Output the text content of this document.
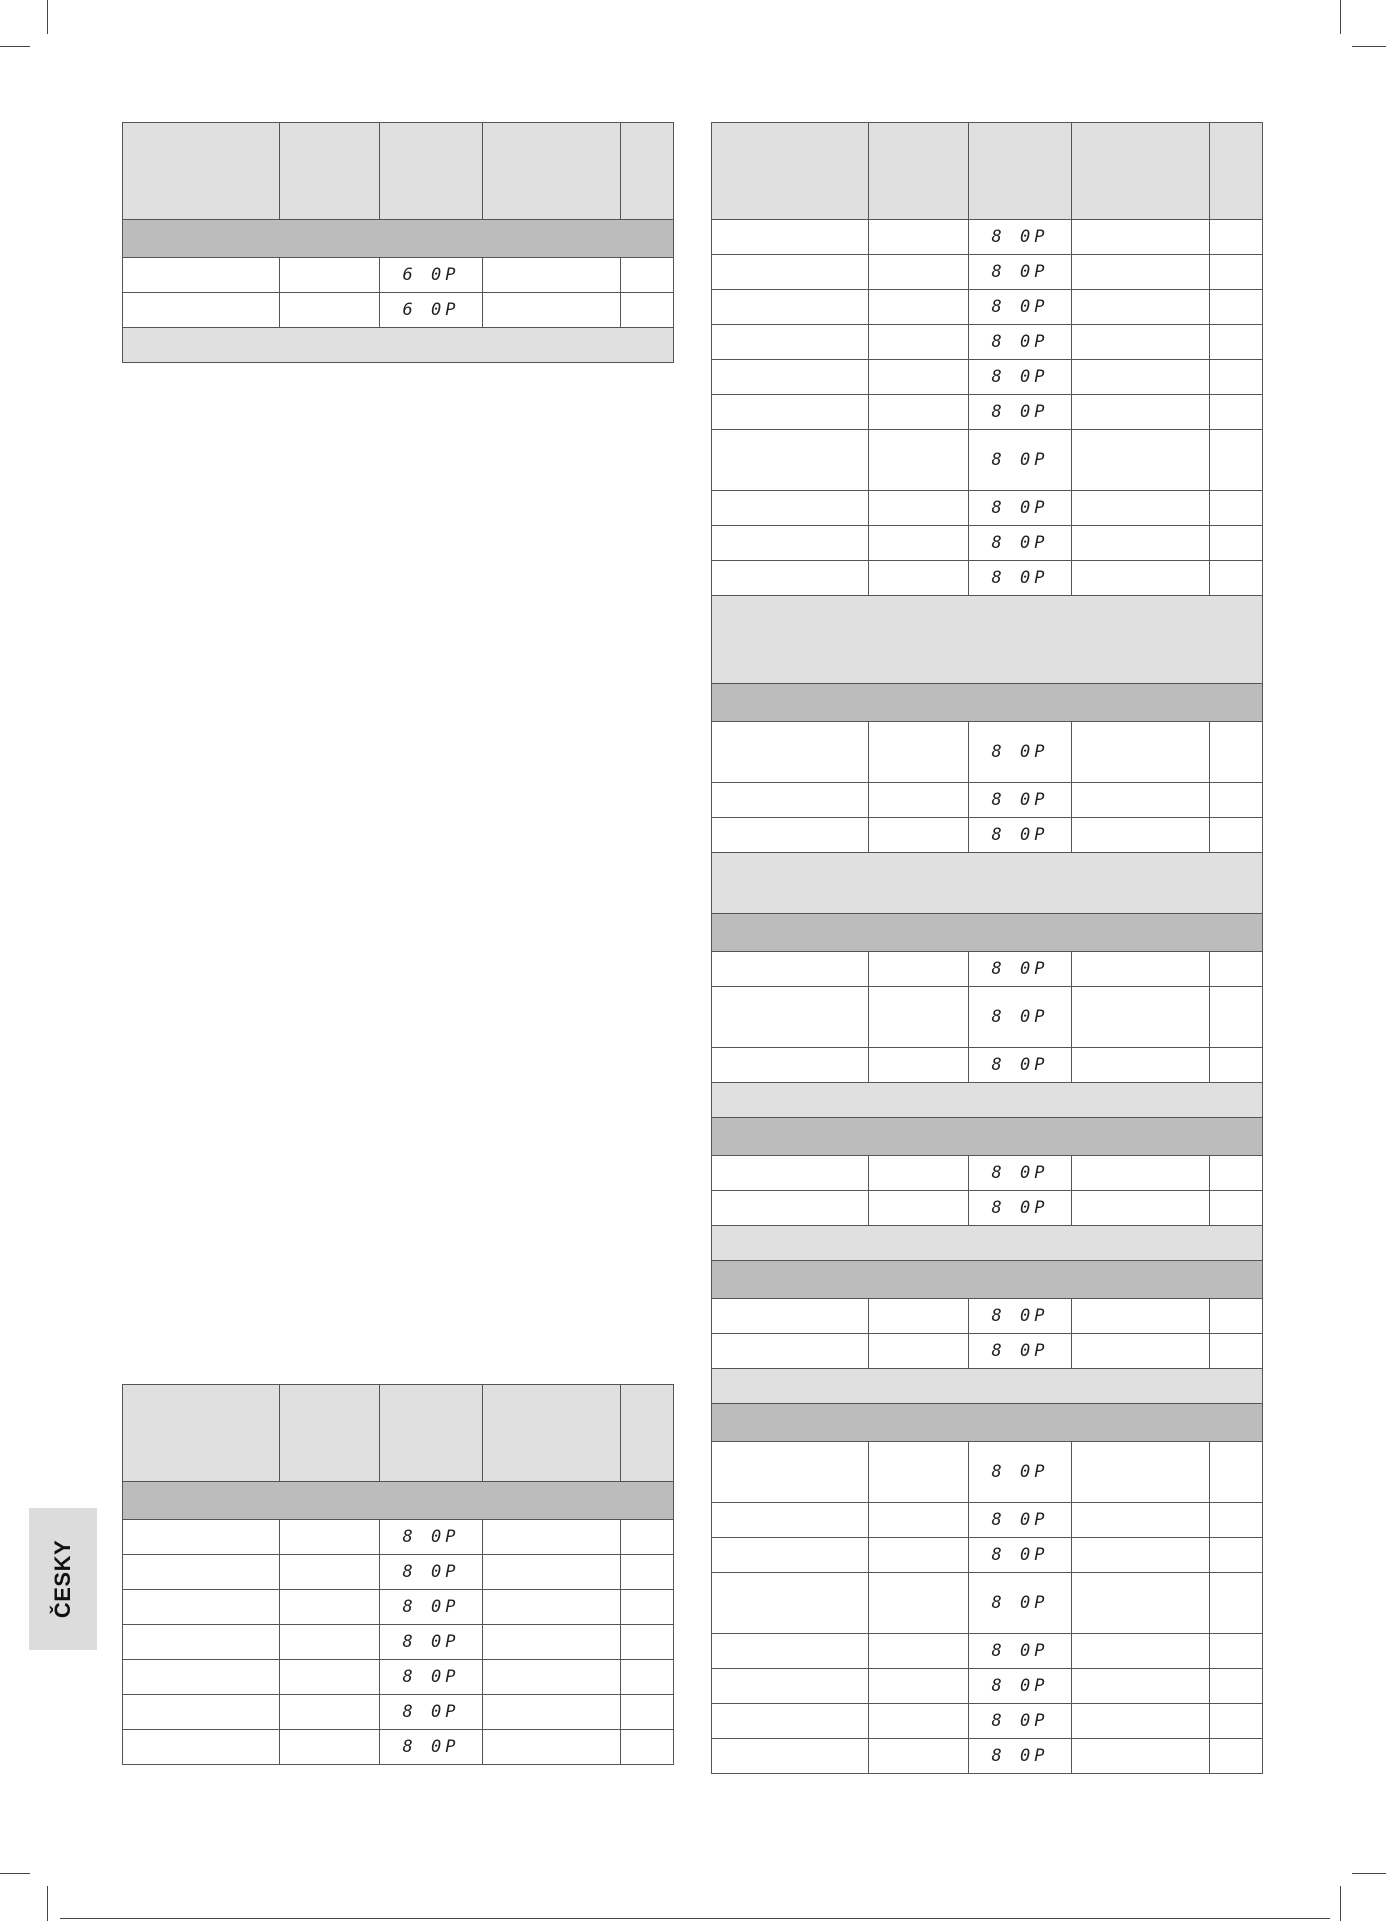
		6 0P		
		6 0P		

		8 0P		
		8 0P		
		8 0P		
		8 0P		
		8 0P		
		8 0P		
		8 0P		

		8 0P		
		8 0P		
		8 0P		
		8 0P		
		8 0P		
		8 0P		
		8 0P		
		8 0P		
		8 0P		
		8 0P		

		8 0P		
		8 0P		
		8 0P		

		8 0P		
		8 0P		
		8 0P		

		8 0P		
		8 0P		

		8 0P		
		8 0P		

		8 0P		
		8 0P		
		8 0P		
		8 0P		
		8 0P		
		8 0P		
		8 0P		
		8 0P		
ČESKY
